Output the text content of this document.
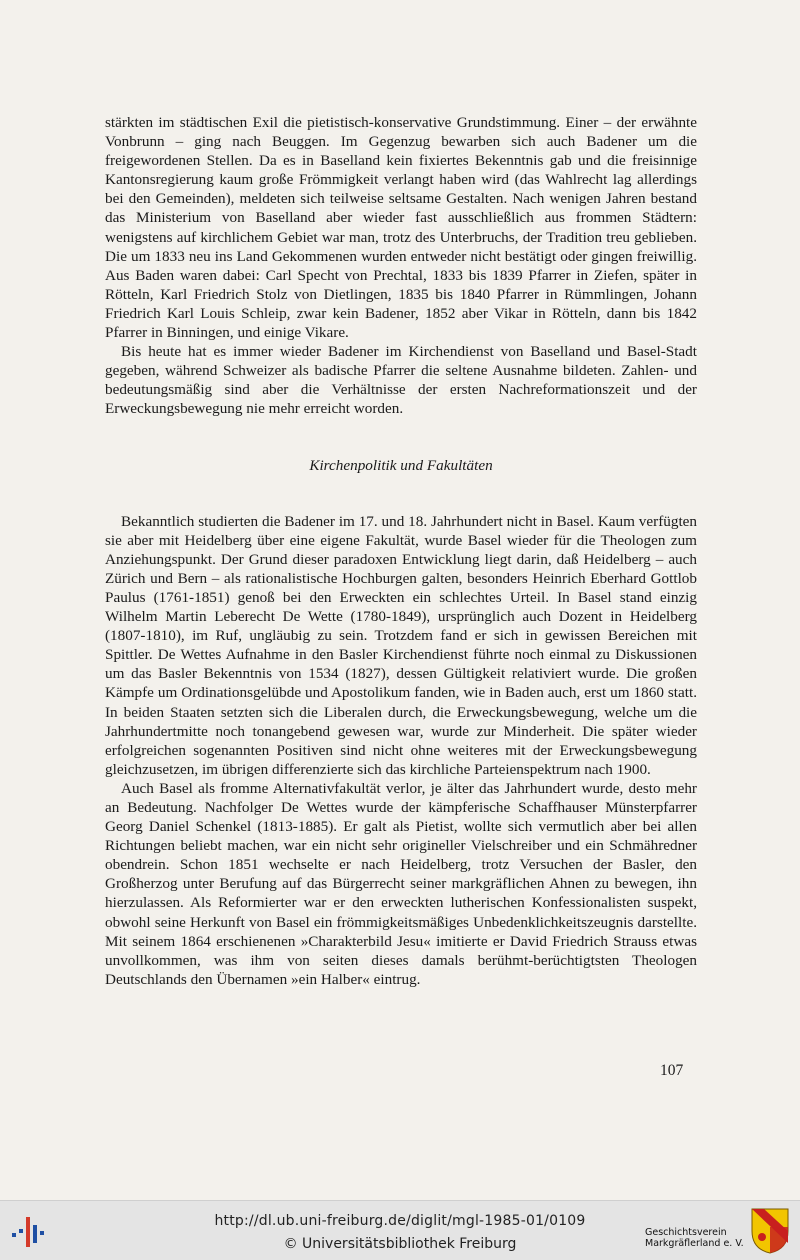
stärkten im städtischen Exil die pietistisch-konservative Grundstimmung. Einer – der erwähnte Vonbrunn – ging nach Beuggen. Im Gegenzug bewarben sich auch Badener um die freigewordenen Stellen. Da es in Baselland kein fixiertes Bekenntnis gab und die freisinnige Kantonsregierung kaum große Frömmigkeit verlangt haben wird (das Wahlrecht lag allerdings bei den Gemeinden), meldeten sich teilweise seltsame Gestalten. Nach wenigen Jahren bestand das Ministerium von Baselland aber wieder fast ausschließlich aus frommen Städtern: wenigstens auf kirchlichem Gebiet war man, trotz des Unterbruchs, der Tradition treu geblieben. Die um 1833 neu ins Land Gekommenen wurden entweder nicht bestätigt oder gingen freiwillig. Aus Baden waren dabei: Carl Specht von Prechtal, 1833 bis 1839 Pfarrer in Ziefen, später in Rötteln, Karl Friedrich Stolz von Dietlingen, 1835 bis 1840 Pfarrer in Rümmlingen, Johann Friedrich Karl Louis Schleip, zwar kein Badener, 1852 aber Vikar in Rötteln, dann bis 1842 Pfarrer in Binningen, und einige Vikare.

Bis heute hat es immer wieder Badener im Kirchendienst von Baselland und Basel-Stadt gegeben, während Schweizer als badische Pfarrer die seltene Ausnahme bildeten. Zahlen- und bedeutungsmäßig sind aber die Verhältnisse der ersten Nachreformationszeit und der Erweckungsbewegung nie mehr erreicht worden.

Kirchenpolitik und Fakultäten

Bekanntlich studierten die Badener im 17. und 18. Jahrhundert nicht in Basel. Kaum verfügten sie aber mit Heidelberg über eine eigene Fakultät, wurde Basel wieder für die Theologen zum Anziehungspunkt. Der Grund dieser paradoxen Entwicklung liegt darin, daß Heidelberg – auch Zürich und Bern – als rationalistische Hochburgen galten, besonders Heinrich Eberhard Gottlob Paulus (1761-1851) genoß bei den Erweckten ein schlechtes Urteil. In Basel stand einzig Wilhelm Martin Leberecht De Wette (1780-1849), ursprünglich auch Dozent in Heidelberg (1807-1810), im Ruf, ungläubig zu sein. Trotzdem fand er sich in gewissen Bereichen mit Spittler. De Wettes Aufnahme in den Basler Kirchendienst führte noch einmal zu Diskussionen um das Basler Bekenntnis von 1534 (1827), dessen Gültigkeit relativiert wurde. Die großen Kämpfe um Ordinationsgelübde und Apostolikum fanden, wie in Baden auch, erst um 1860 statt. In beiden Staaten setzten sich die Liberalen durch, die Erweckungsbewegung, welche um die Jahrhundertmitte noch tonangebend gewesen war, wurde zur Minderheit. Die später wieder erfolgreichen sogenannten Positiven sind nicht ohne weiteres mit der Erweckungsbewegung gleichzusetzen, im übrigen differenzierte sich das kirchliche Parteienspektrum nach 1900.

Auch Basel als fromme Alternativfakultät verlor, je älter das Jahrhundert wurde, desto mehr an Bedeutung. Nachfolger De Wettes wurde der kämpferische Schaffhauser Münsterpfarrer Georg Daniel Schenkel (1813-1885). Er galt als Pietist, wollte sich vermutlich aber bei allen Richtungen beliebt machen, war ein nicht sehr origineller Vielschreiber und ein Schmähredner obendrein. Schon 1851 wechselte er nach Heidelberg, trotz Versuchen der Basler, den Großherzog unter Berufung auf das Bürgerrecht seiner markgräflichen Ahnen zu bewegen, ihn hierzulassen. Als Reformierter war er den erweckten lutherischen Konfessionalisten suspekt, obwohl seine Herkunft von Basel ein frömmigkeitsmäßiges Unbedenklichkeitszeugnis darstellte. Mit seinem 1864 erschienenen »Charakterbild Jesu« imitierte er David Friedrich Strauss etwas unvollkommen, was ihm von seiten dieses damals berühmt-berüchtigtsten Theologen Deutschlands den Übernamen »ein Halber« eintrug.

107
http://dl.ub.uni-freiburg.de/diglit/mgl-1985-01/0109
© Universitätsbibliothek Freiburg
Geschichtsverein
Markgräflerland e. V.
